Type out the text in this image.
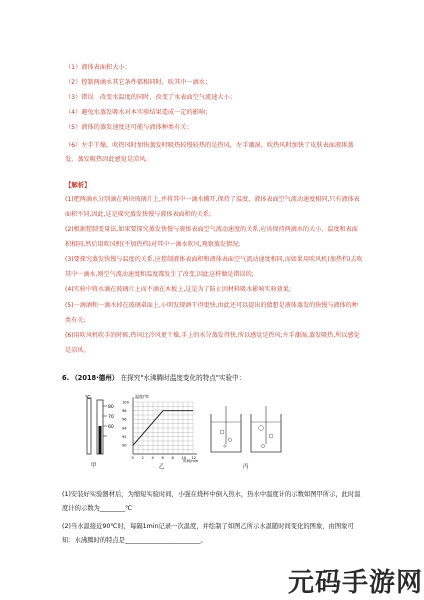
（1）液体表面积大小；
（2）控制两滴水其它条件都相同时，吹其中一滴水；
（3）错误　改变水温度的同时，改变了水表面空气流速大小；
（4）避免水蒸发吸水对本实验结果造成一定的影响；
（5）液体的蒸发速度还可能与液体种类有关；
（6）左手干燥，吹热风时加快蒸发时吸热较慢较热的是热风，左手潮湿，吹热风时加快了皮肤表面液体蒸发，蒸发吸热因此感觉是凉风。
【解析】
(1)把两滴水分别滴在两块玻璃片上,并将其中一滴水摊开,保持了温度、液体表面空气流动速度相同,只有液体表面积不同,因此,这是探究蒸发快慢与液体表面积的关系;
(2)根据控制变量法,如果要探究蒸发快慢与液体表面空气流动速度的关系,应该保持两滴水的大小、温度和表面积相同,然后用吹风机(不加热档)对其中一滴水吹风,观察蒸发情况;
(3)要探究蒸发快慢与温度的关系,应控制液体表面积和液体表面空气流动速度相同,而如果用吹风机(加热档)去吹其中一滴水,则空气流动速度和温度都发生了改变,因此这样做是错误的;
(4)实验中将水滴在玻璃片上而不滴在木板上,这是为了防止因材料吸水影响实验效果;
(5)一滴酒和一滴水掉在玻璃桌面上,小明发现酒干得更快,由此还可以提出的猜想是液体蒸发的快慢与液体的种类有关;
(6)用吹风机吹手的时候,热风比冷风更干燥,手上的水分蒸发得快,所以感觉是热风;左手潮湿,蒸发吸热,所以感觉是凉风。
6. （2018·德州） 在探究"水沸腾时温度变化的特点"实验中：
℃
80
70
60
甲
温度/℃
时间/min
100
98
96
94
92
90
0 2 4 6 8 10 12
乙	丙
(1)安装好实验器材后，为缩短实验时间，小强在烧杯中倒入热水，热水中温度计的示数如图甲所示，此时温度计的示数为________℃
(2)当水温接近90℃时，每隔1min记录一次温度，并绘制了如图乙所示水温随时间变化的图象，由图象可知：水沸腾时的特点是________________________。
元码手游网
